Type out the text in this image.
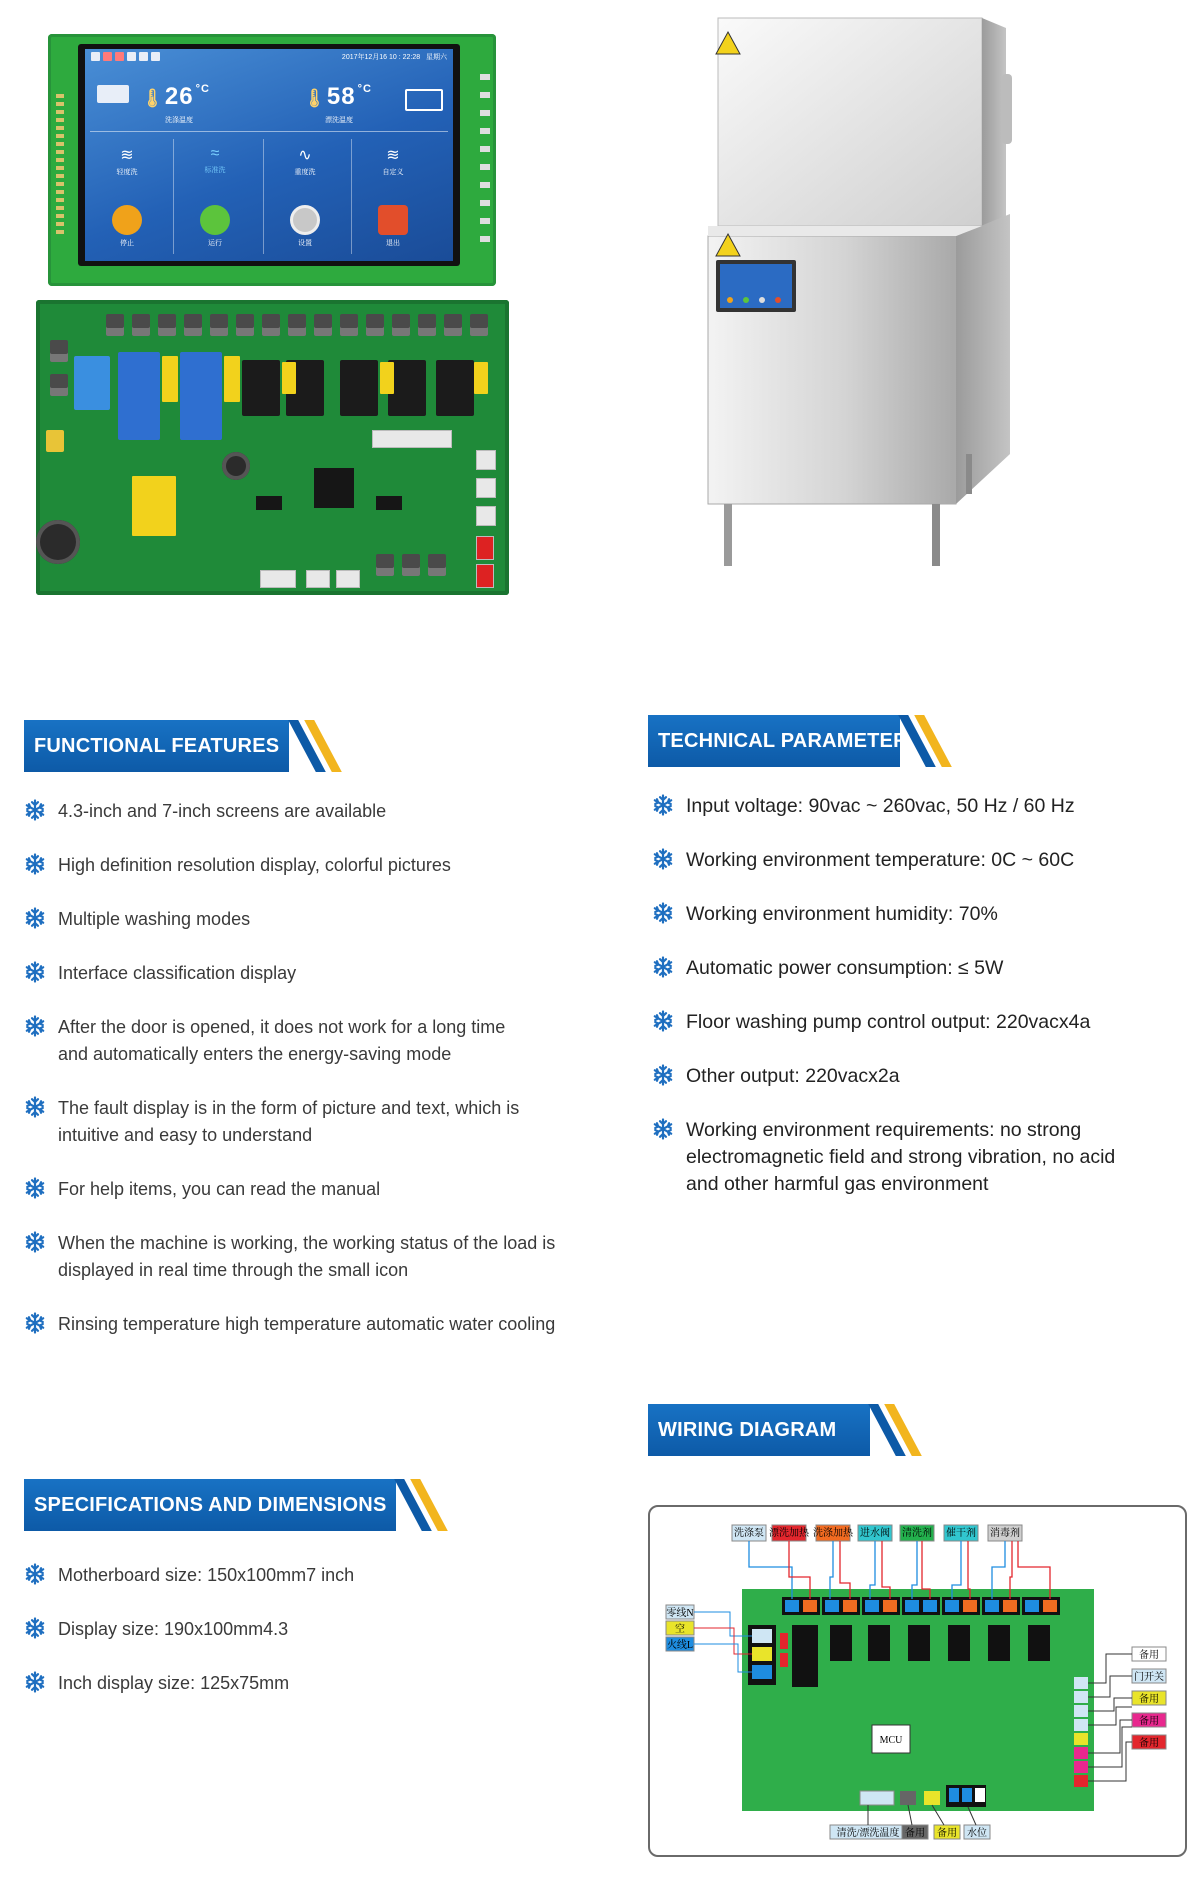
2017年12月16 10 : 22:28 星期六
🌡26 $^{^\circ C}$
洗涤温度
🌡58 $^{^\circ C}$
漂洗温度
≋
轻度洗
≈
标准洗
∿
重度洗
≋
自定义
停止	运行	设置	退出
FUNCTIONAL FEATURES
4.3-inch and 7-inch screens are available
High definition resolution display, colorful pictures
Multiple washing modes
Interface classification display
After the door is opened, it does not work for a long time
and automatically enters the energy-saving mode
The fault display is in the form of picture and text, which is
intuitive and easy to understand
For help items, you can read the manual
When the machine is working, the working status of the load is
displayed in real time through the small icon
Rinsing temperature high temperature automatic water cooling
TECHNICAL PARAMETER
Input voltage: 90vac ~ 260vac, 50 Hz / 60 Hz
Working environment temperature: 0C ~ 60C
Working environment humidity: 70%
Automatic power consumption: ≤ 5W
Floor washing pump control output: 220vacx4a
Other output: 220vacx2a
Working environment requirements: no strong
electromagnetic field and strong vibration, no acid
and other harmful gas environment
SPECIFICATIONS AND DIMENSIONS
Motherboard size: 150x100mm7 inch
Display size: 190x100mm4.3
Inch display size: 125x75mm
WIRING DIAGRAM
MCU
洗涤泵 漂洗加热 洗涤加热 进水阀 清洗剂 催干剂 消毒剂
零线N
空
火线L
备用
门开关
备用
备用
备用
清洗/漂洗温度 备用 备用 水位
